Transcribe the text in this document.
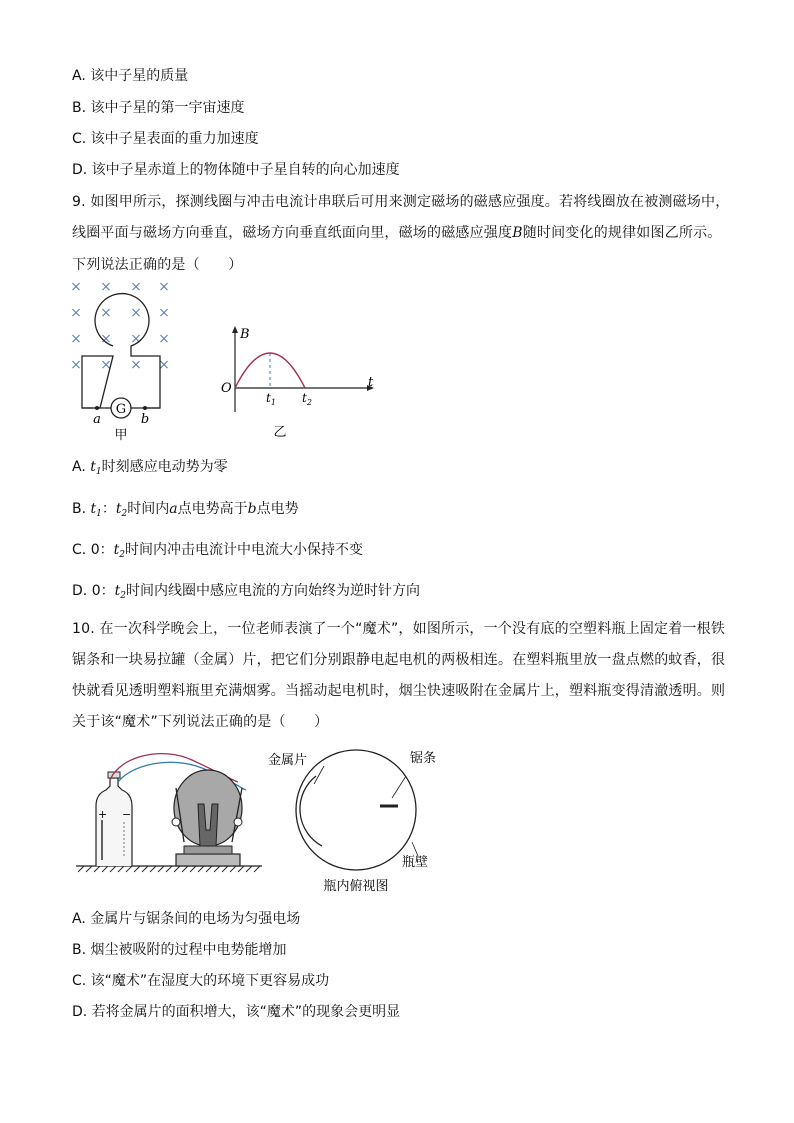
A. 该中子星的质量
B. 该中子星的第一宇宙速度
C. 该中子星表面的重力加速度
D. 该中子星赤道上的物体随中子星自转的向心加速度
9. 如图甲所示，探测线圈与冲击电流计串联后可用来测定磁场的磁感应强度。若将线圈放在被测磁场中，
线圈平面与磁场方向垂直，磁场方向垂直纸面向里，磁场的磁感应强度B随时间变化的规律如图乙所示。
下列说法正确的是（　　）
× × × ×
× × × ×
× × × ×
× × × ×
G
a	b
甲
B
t
O
$t_1$ $t_2$
乙
A. $t_1$时刻感应电动势为零
B. $t_1$：$t_2$时间内a点电势高于b点电势
C. 0：$t_2$时间内冲击电流计中电流大小保持不变
D. 0：$t_2$时间内线圈中感应电流的方向始终为逆时针方向
10. 在一次科学晚会上，一位老师表演了一个“魔术”，如图所示，一个没有底的空塑料瓶上固定着一根铁
锯条和一块易拉罐（金属）片，把它们分别跟静电起电机的两极相连。在塑料瓶里放一盘点燃的蚊香，很
快就看见透明塑料瓶里充满烟雾。当摇动起电机时，烟尘快速吸附在金属片上，塑料瓶变得清澈透明。则
关于该“魔术”下列说法正确的是（　　）
+ −
金属片	锯条
瓶壁
瓶内俯视图
A. 金属片与锯条间的电场为匀强电场
B. 烟尘被吸附的过程中电势能增加
C. 该“魔术”在湿度大的环境下更容易成功
D. 若将金属片的面积增大，该“魔术”的现象会更明显
